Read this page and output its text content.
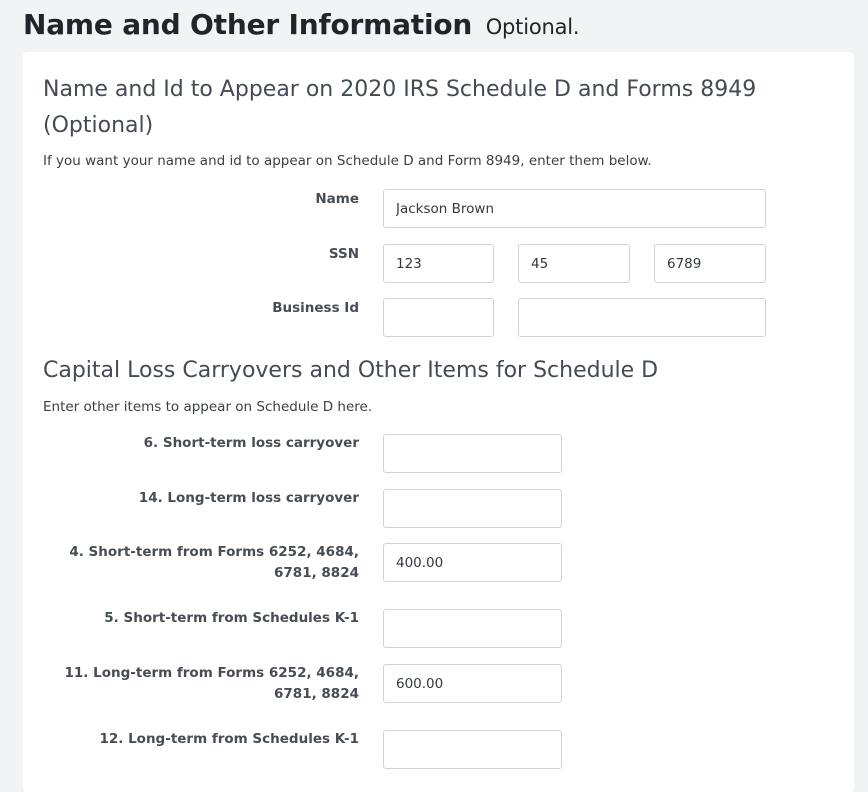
Name and Other Information Optional.
Name and Id to Appear on 2020 IRS Schedule D and Forms 8949 (Optional)
If you want your name and id to appear on Schedule D and Form 8949, enter them below.
Name
Jackson Brown
SSN
123
45
6789
Business Id
Capital Loss Carryovers and Other Items for Schedule D
Enter other items to appear on Schedule D here.
6. Short-term loss carryover
14. Long-term loss carryover
4. Short-term from Forms 6252, 4684, 6781, 8824
400.00
5. Short-term from Schedules K-1
11. Long-term from Forms 6252, 4684, 6781, 8824
600.00
12. Long-term from Schedules K-1
